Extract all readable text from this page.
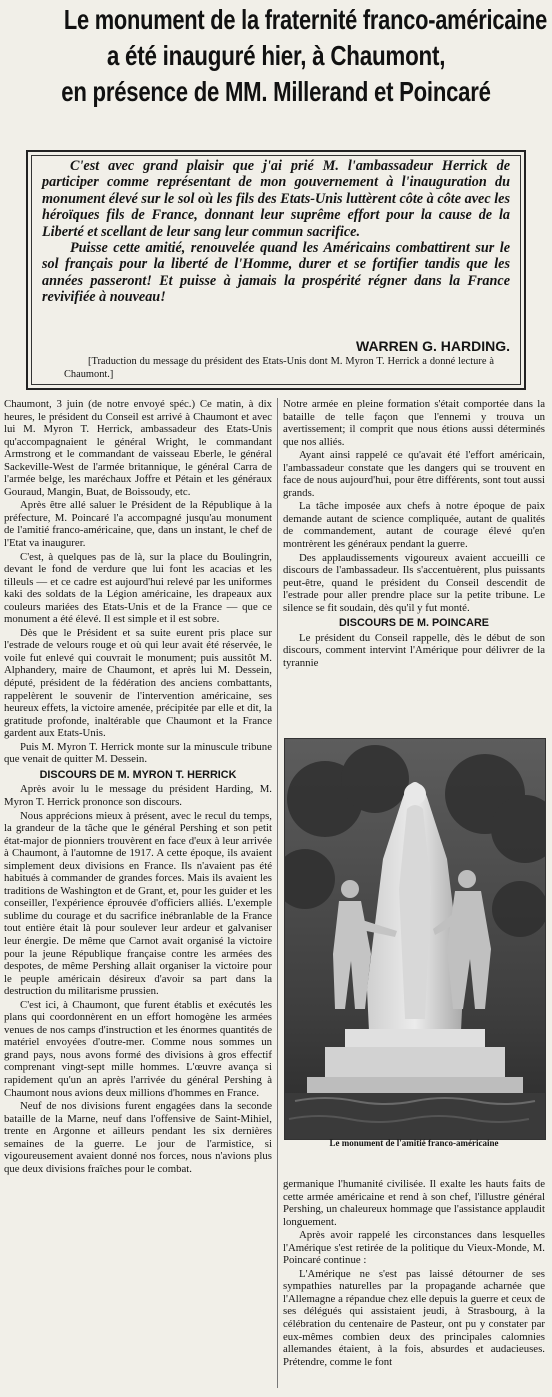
Le monument de la fraternité franco-américaine
a été inauguré hier, à Chaumont,
en présence de MM. Millerand et Poincaré

C'est avec grand plaisir que j'ai prié M. l'ambassadeur Herrick de participer comme représentant de mon gouvernement à l'inauguration du monument élevé sur le sol où les fils des Etats-Unis luttèrent côte à côte avec les héroïques fils de France, donnant leur suprême effort pour la cause de la Liberté et scellant de leur sang leur commun sacrifice.

Puisse cette amitié, renouvelée quand les Américains combattirent sur le sol français pour la liberté de l'Homme, durer et se fortifier tandis que les années passeront! Et puisse à jamais la prospérité régner dans la France revivifiée à nouveau!

WARREN G. HARDING.

[Traduction du message du président des Etats-Unis dont M. Myron T. Herrick a donné lecture à Chaumont.]

Chaumont, 3 juin (de notre envoyé spéc.) Ce matin, à dix heures, le président du Conseil est arrivé à Chaumont et avec lui M. Myron T. Herrick, ambassadeur des Etats-Unis qu'accompagnaient le général Wright, le commandant Armstrong et le commandant de vaisseau Eberle, le général Sackeville-West de l'armée britannique, le général Carra de l'armée belge, les maréchaux Joffre et Pétain et les généraux Gouraud, Mangin, Buat, de Boissoudy, etc.

Après être allé saluer le Président de la République à la préfecture, M. Poincaré l'a accompagné jusqu'au monument de l'amitié franco-américaine, que, dans un instant, le chef de l'Etat va inaugurer.

C'est, à quelques pas de là, sur la place du Boulingrin, devant le fond de verdure que lui font les acacias et les tilleuls — et ce cadre est aujourd'hui relevé par les uniformes kaki des soldats de la Légion américaine, les drapeaux aux couleurs mariées des Etats-Unis et de la France — que ce monument a été élevé. Il est simple et il est sobre.

Dès que le Président et sa suite eurent pris place sur l'estrade de velours rouge et où qui leur avait été réservée, le voile fut enlevé qui couvrait le monument; puis aussitôt M. Alphandery, maire de Chaumont, et après lui M. Dessein, député, président de la fédération des anciens combattants, rappelèrent le souvenir de l'intervention américaine, ses heureux effets, la victoire amenée, précipitée par elle et dit, la gratitude profonde, inaltérable que Chaumont et la France gardent aux Etats-Unis.

Puis M. Myron T. Herrick monte sur la minuscule tribune que venait de quitter M. Dessein.

DISCOURS DE M. MYRON T. HERRICK

Après avoir lu le message du président Harding, M. Myron T. Herrick prononce son discours.

Nous apprécions mieux à présent, avec le recul du temps, la grandeur de la tâche que le général Pershing et son petit état-major de pionniers trouvèrent en face d'eux à leur arrivée à Chaumont, à l'automne de 1917. A cette époque, ils avaient simplement deux divisions en France. Ils n'avaient pas été habitués à commander de grandes forces. Mais ils avaient les traditions de Washington et de Grant, et, pour les guider et les conseiller, l'expérience éprouvée d'officiers alliés. L'exemple sublime du courage et du sacrifice inébranlable de la France tout entière était là pour soulever leur ardeur et galvaniser leur énergie. De même que Carnot avait organisé la victoire pour la jeune République française contre les armées des despotes, de même Pershing allait organiser la victoire pour le peuple américain désireux d'avoir sa part dans la destruction du militarisme prussien.

C'est ici, à Chaumont, que furent établis et exécutés les plans qui coordonnèrent en un effort homogène les armées venues de nos camps d'instruction et les énormes quantités de matériel envoyées d'outre-mer. Comme nous sommes un grand pays, nous avons formé des divisions à gros effectif comprenant vingt-sept mille hommes. L'œuvre avança si rapidement qu'un an après l'arrivée du général Pershing à Chaumont nous avions deux millions d'hommes en France.

Neuf de nos divisions furent engagées dans la seconde bataille de la Marne, neuf dans l'offensive de Saint-Mihiel, trente en Argonne et ailleurs pendant les six dernières semaines de la guerre. Le jour de l'armistice, si vigoureusement avaient donné nos forces, nous n'avions plus que deux divisions fraîches pour le combat.

Notre armée en pleine formation s'était comportée dans la bataille de telle façon que l'ennemi y trouva un avertissement; il comprit que nous étions aussi déterminés que nos alliés.

Ayant ainsi rappelé ce qu'avait été l'effort américain, l'ambassadeur constate que les dangers qui se trouvent en face de nous aujourd'hui, pour être différents, sont tout aussi grands.

La tâche imposée aux chefs à notre époque de paix demande autant de science compliquée, autant de qualités de commandement, autant de courage élevé qu'en montrèrent les généraux pendant la guerre.

Des applaudissements vigoureux avaient accueilli ce discours de l'ambassadeur. Ils s'accentuèrent, plus puissants peut-être, quand le président du Conseil descendit de l'estrade pour aller prendre place sur la petite tribune. Le silence se fit soudain, dès qu'il y fut monté.

DISCOURS DE M. POINCARE

Le président du Conseil rappelle, dès le début de son discours, comment intervint l'Amérique pour délivrer de la tyrannie

Le monument de l'amitié franco-américaine

germanique l'humanité civilisée. Il exalte les hauts faits de cette armée américaine et rend à son chef, l'illustre général Pershing, un chaleureux hommage que l'assistance applaudit longuement.

Après avoir rappelé les circonstances dans lesquelles l'Amérique s'est retirée de la politique du Vieux-Monde, M. Poincaré continue :

L'Amérique ne s'est pas laissé détourner de ses sympathies naturelles par la propagande acharnée que l'Allemagne a répandue chez elle depuis la guerre et ceux de ses délégués qui assistaient jeudi, à Strasbourg, à la célébration du centenaire de Pasteur, ont pu y constater par eux-mêmes combien deux des principales calomnies allemandes étaient, à la fois, absurdes et audacieuses. Prétendre, comme le font
